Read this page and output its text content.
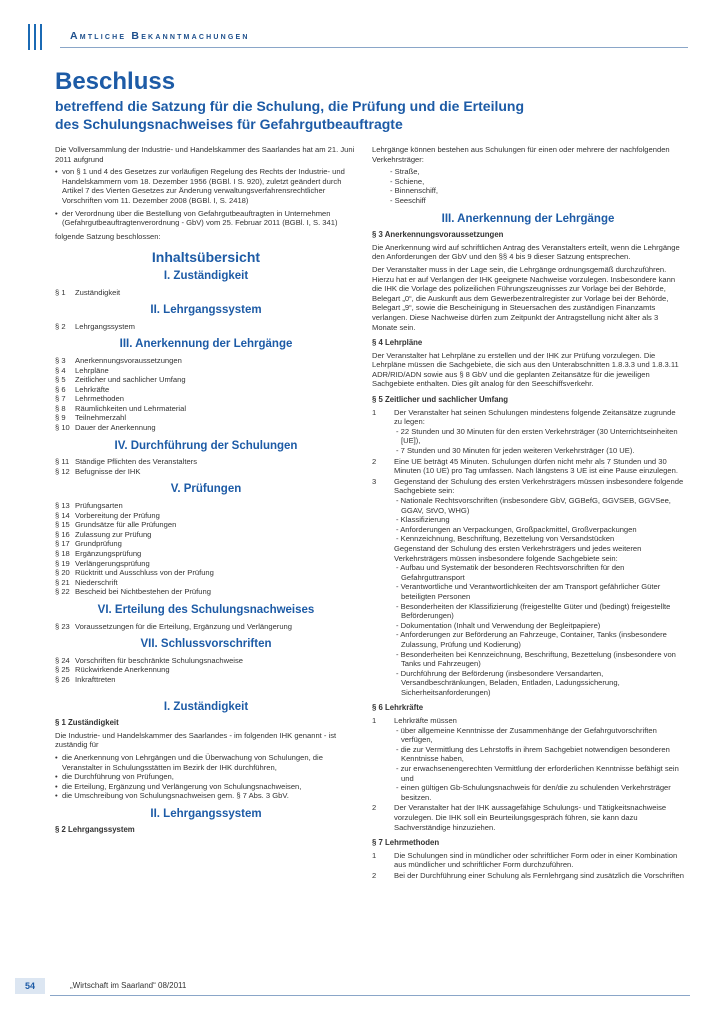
Amtliche Bekanntmachungen
Beschluss
betreffend die Satzung für die Schulung, die Prüfung und die Erteilung
des Schulungsnachweises für Gefahrgutbeauftragte

Die Vollversammlung der Industrie- und Handelskammer des Saarlandes hat am 21. Juni 2011 aufgrund

• von § 1 und 4 des Gesetzes zur vorläufigen Regelung des Rechts der Industrie- und Handelskammern vom 18. Dezember 1956 (BGBl. I S. 920), zuletzt geändert durch Artikel 7 des Vierten Gesetzes zur Änderung verwaltungsverfahrensrechtlicher Vorschriften vom 11. Dezember 2008 (BGBl. I, S. 2418)

• der Verordnung über die Bestellung von Gefahrgutbeauftragten in Unternehmen (Gefahrgutbeauftragtenverordnung - GbV) vom 25. Februar 2011 (BGBl. I, S. 341)

folgende Satzung beschlossen:

Inhaltsübersicht
I. Zuständigkeit
§ 1	Zuständigkeit
II. Lehrgangssystem
§ 2	Lehrgangssystem
III. Anerkennung der Lehrgänge
§ 3	Anerkennungsvoraussetzungen
§ 4	Lehrpläne
§ 5	Zeitlicher und sachlicher Umfang
§ 6	Lehrkräfte
§ 7	Lehrmethoden
§ 8	Räumlichkeiten und Lehrmaterial
§ 9	Teilnehmerzahl
§ 10 Dauer der Anerkennung
IV. Durchführung der Schulungen
§ 11 Ständige Pflichten des Veranstalters
§ 12 Befugnisse der IHK
V. Prüfungen
§ 13 Prüfungsarten
§ 14 Vorbereitung der Prüfung
§ 15 Grundsätze für alle Prüfungen
§ 16 Zulassung zur Prüfung
§ 17 Grundprüfung
§ 18 Ergänzungsprüfung
§ 19 Verlängerungsprüfung
§ 20 Rücktritt und Ausschluss von der Prüfung
§ 21 Niederschrift
§ 22 Bescheid bei Nichtbestehen der Prüfung
VI. Erteilung des Schulungsnachweises
§ 23 Voraussetzungen für die Erteilung, Ergänzung und Verlängerung
VII. Schlussvorschriften
§ 24 Vorschriften für beschränkte Schulungsnachweise
§ 25 Rückwirkende Anerkennung
§ 26 Inkrafttreten
I. Zuständigkeit
§ 1 Zuständigkeit

Die Industrie- und Handelskammer des Saarlandes - im folgenden IHK genannt - ist zuständig für

• die Anerkennung von Lehrgängen und die Überwachung von Schulungen, die Veranstalter in Schulungsstätten im Bezirk der IHK durchführen,
• die Durchführung von Prüfungen,
• die Erteilung, Ergänzung und Verlängerung von Schulungsnachweisen,
• die Umschreibung von Schulungsnachweisen gem. § 7 Abs. 3 GbV.
II. Lehrgangssystem
§ 2 Lehrgangssystem

Lehrgänge können bestehen aus Schulungen für einen oder mehrere der nachfolgenden Verkehrsträger:

- Straße,
- Schiene,
- Binnenschiff,
- Seeschiff
III. Anerkennung der Lehrgänge
§ 3 Anerkennungsvoraussetzungen

Die Anerkennung wird auf schriftlichen Antrag des Veranstalters erteilt, wenn die Lehrgänge den Anforderungen der GbV und den §§ 4 bis 9 dieser Satzung entsprechen.

Der Veranstalter muss in der Lage sein, die Lehrgänge ordnungsgemäß durchzuführen. Hierzu hat er auf Verlangen der IHK geeignete Nachweise vorzulegen. Insbesondere kann die IHK die Vorlage des polizeilichen Führungszeugnisses zur Vorlage bei der Behörde, Belegart „0“, die Auskunft aus dem Gewerbezentralregister zur Vorlage bei der Behörde, Belegart „9“, sowie die Bescheinigung in Steuersachen des zuständigen Finanzamts verlangen. Diese Nachweise dürfen zum Zeitpunkt der Antragstellung nicht älter als 3 Monate sein.

§ 4 Lehrpläne

Der Veranstalter hat Lehrpläne zu erstellen und der IHK zur Prüfung vorzulegen. Die Lehrpläne müssen die Sachgebiete, die sich aus den Unterabschnitten 1.8.3.3 und 1.8.3.11 ADR/RID/ADN sowie aus § 8 GbV und die geplanten Zeitansätze für die jeweiligen Sachgebiete enthalten. Dies gilt analog für den Seeschiffsverkehr.

§ 5 Zeitlicher und sachlicher Umfang
1	Der Veranstalter hat seinen Schulungen mindestens folgende Zeitansätze zugrunde zu legen:
- 22 Stunden und 30 Minuten für den ersten Verkehrsträger (30 Unterrichtseinheiten [UE]),
- 7 Stunden und 30 Minuten für jeden weiteren Verkehrsträger (10 UE).
2	Eine UE beträgt 45 Minuten. Schulungen dürfen nicht mehr als 7 Stunden und 30 Minuten (10 UE) pro Tag umfassen. Nach längstens 3 UE ist eine Pause einzulegen.
3	Gegenstand der Schulung des ersten Verkehrsträgers müssen insbesondere folgende Sachgebiete sein:
- Nationale Rechtsvorschriften (insbesondere GbV, GGBefG, GGVSEB, GGVSee, GGAV, StVO, WHG)
- Klassifizierung
- Anforderungen an Verpackungen, Großpackmittel, Großverpackungen
- Kennzeichnung, Beschriftung, Bezettelung von Versandstücken
Gegenstand der Schulung des ersten Verkehrsträgers und jedes weiteren Verkehrsträgers müssen insbesondere folgende Sachgebiete sein:
- Aufbau und Systematik der besonderen Rechtsvorschriften für den Gefahrguttransport
- Verantwortliche und Verantwortlichkeiten der am Transport gefährlicher Güter beteiligten Personen
- Besonderheiten der Klassifizierung (freigestellte Güter und (bedingt) freigestellte Beförderungen)
- Dokumentation (Inhalt und Verwendung der Begleitpapiere)
- Anforderungen zur Beförderung an Fahrzeuge, Container, Tanks (insbesondere Zulassung, Prüfung und Kodierung)
- Besonderheiten bei Kennzeichnung, Beschriftung, Bezettelung (insbesondere von Tanks und Fahrzeugen)
- Durchführung der Beförderung (insbesondere Versandarten, Versandbeschränkungen, Beladen, Entladen, Ladungssicherung, Sicherheitsanforderungen)
§ 6 Lehrkräfte
1	Lehrkräfte müssen
- über allgemeine Kenntnisse der Zusammenhänge der Gefahrgutvorschriften verfügen,
- die zur Vermittlung des Lehrstoffs in ihrem Sachgebiet notwendigen besonderen Kenntnisse haben,
- zur erwachsenengerechten Vermittlung der erforderlichen Kenntnisse befähigt sein und
- einen gültigen Gb-Schulungsnachweis für den/die zu schulenden Verkehrsträger besitzen.
2	Der Veranstalter hat der IHK aussagefähige Schulungs- und Tätigkeitsnachweise vorzulegen. Die IHK soll ein Beurteilungsgespräch führen, sie kann dazu Sachverständige hinzuziehen.
§ 7 Lehrmethoden
1	Die Schulungen sind in mündlicher oder schriftlicher Form oder in einer Kombination aus mündlicher und schriftlicher Form durchzuführen.
2	Bei der Durchführung einer Schulung als Fernlehrgang sind zusätzlich die Vorschriften
54	„Wirtschaft im Saarland“ 08/2011
